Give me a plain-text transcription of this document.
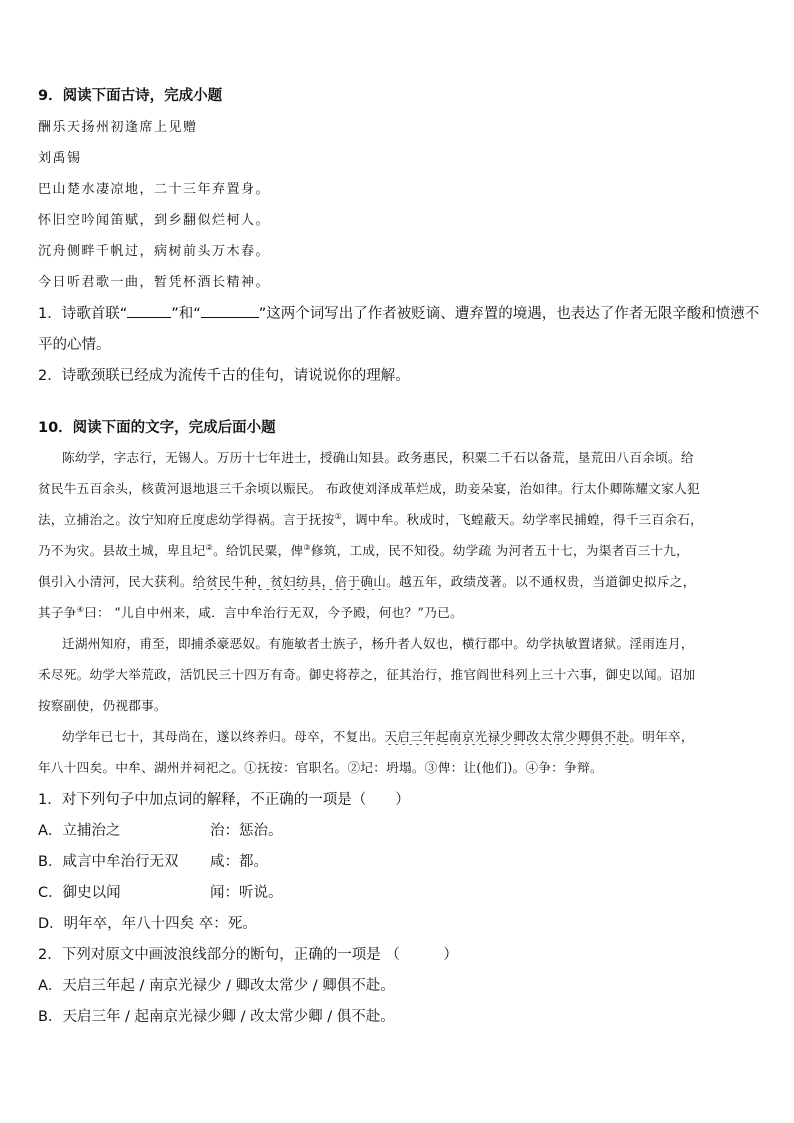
9．阅读下面古诗，完成小题
酬乐天扬州初逢席上见赠
刘禹锡
巴山楚水凄凉地，二十三年弃置身。
怀旧空吟闻笛赋，到乡翻似烂柯人。
沉舟侧畔千帆过，病树前头万木春。
今日听君歌一曲，暂凭杯酒长精神。
1．诗歌首联“	”和“	”这两个词写出了作者被贬谪、遭弃置的境遇，也表达了作者无限辛酸和愤懑不
平的心情。
2．诗歌颈联已经成为流传千古的佳句，请说说你的理解。
10．阅读下面的文字，完成后面小题
陈幼学，字志行，无锡人。万历十七年进士，授确山知县。政务惠民，积粟二千石以备荒，垦荒田八百余顷。给
贫民牛五百余头，核黄河退地退三千余顷以赈民。 布政使刘泽成革烂成，助妾朵宴，治如律。行太仆卿陈耀文家人犯
法，立捕治之。汝宁知府丘度虑幼学得祸。言于抚按①，调中牟。秋成时，飞蝗蔽天。幼学率民捕蝗，得千三百余石，
乃不为灾。县故土城，卑且圮②。给饥民粟，俾③修筑，工成，民不知役。幼学疏 为河者五十七，为渠者百三十九，
俱引入小清河，民大获利。给贫民牛种，贫妇纺具，倍于确山。越五年，政绩茂著。以不通权贵，当道御史拟斥之，
其子争④曰： “儿自中州来，咸．言中牟治行无双，今予殿，何也？”乃已。
迁湖州知府，甫至，即捕杀豪恶奴。有施敏者士族子，杨升者人奴也，横行郡中。幼学执敏置诸狱。淫雨连月，
禾尽死。幼学大举荒政，活饥民三十四万有奇。御史将荐之，征其治行，推官阎世科列上三十六事，御史以闻。诏加
按察副使，仍视郡事。
幼学年已七十，其母尚在，遂以终养归。母卒，不复出。天启三年起南京光禄少卿改太常少卿俱不赴。明年卒，
年八十四矣。中牟、湖州并祠祀之。①抚按：官职名。②圮：坍塌。③俾：让(他们)。④争：争辩。
1．对下列句子中加点词的解释，不正确的一项是（　　）
A．立捕治之	治：惩治。
B．咸言中牟治行无双 咸：都。
C．御史以闻	闻：听说。
D．明年卒，年八十四矣 卒：死。
2．下列对原文中画波浪线部分的断句，正确的一项是 （　　　）
A．天启三年起 / 南京光禄少 / 卿改太常少 / 卿俱不赴。
B．天启三年 / 起南京光禄少卿 / 改太常少卿 / 俱不赴。
